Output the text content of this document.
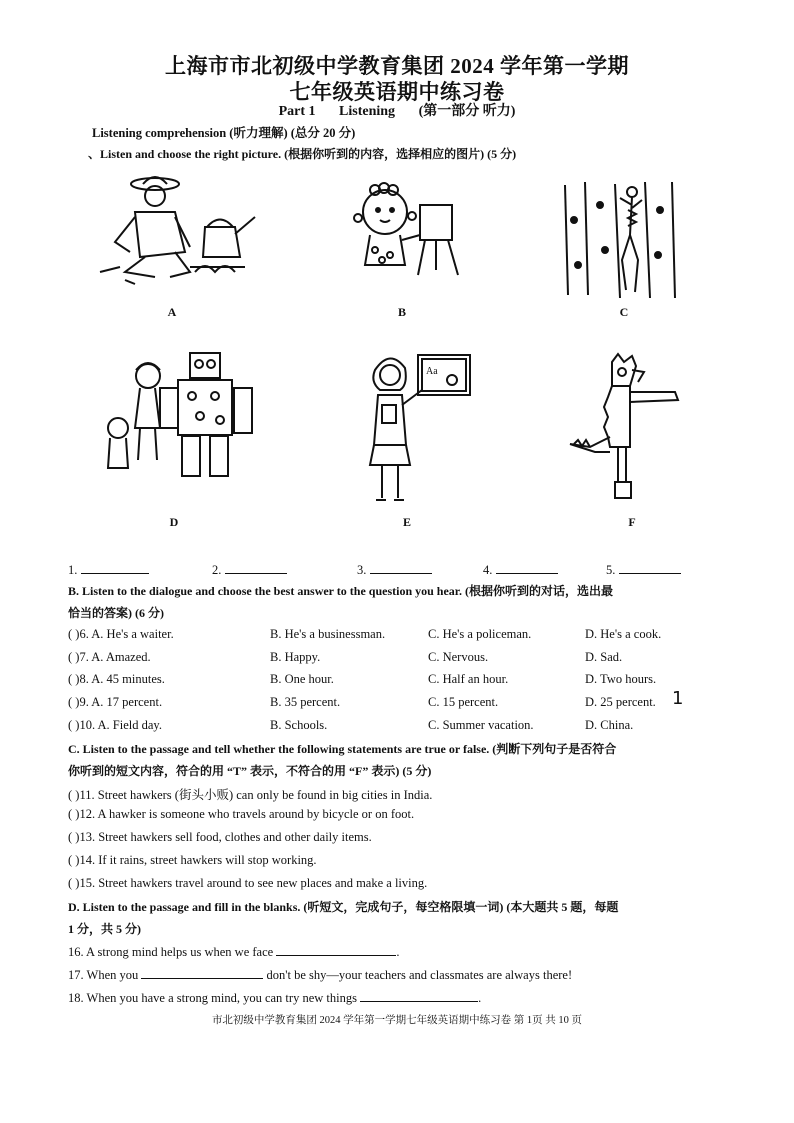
上海市市北初级中学教育集团 2024 学年第一学期
七年级英语期中练习卷
Part 1 Listening (第一部分 听力)
Listening comprehension (听力理解) (总分 20 分)
、Listen and choose the right picture. (根据你听到的内容，选择相应的图片) (5 分)
A	B	C
D
Aa
E	F
1.	2.	3.	4.	5.
B. Listen to the dialogue and choose the best answer to the question you hear. (根据你听到的对话，选出最
恰当的答案) (6 分)
( )6. A. He's a waiter.	B. He's a businessman.	C. He's a policeman.	D. He's a cook.
( )7. A. Amazed.	B. Happy.	C. Nervous.	D. Sad.
( )8. A. 45 minutes.	B. One hour.	C. Half an hour.	D. Two hours.
( )9. A. 17 percent.	B. 35 percent.	C. 15 percent.	D. 25 percent. 1
( )10. A. Field day.	B. Schools.	C. Summer vacation.	D. China.
C. Listen to the passage and tell whether the following statements are true or false. (判断下列句子是否符合
你听到的短文内容，符合的用 “T” 表示，不符合的用 “F” 表示) (5 分)
( )11. Street hawkers (街头小贩) can only be found in big cities in India.
( )12. A hawker is someone who travels around by bicycle or on foot.
( )13. Street hawkers sell food, clothes and other daily items.
( )14. If it rains, street hawkers will stop working.
( )15. Street hawkers travel around to see new places and make a living.
D. Listen to the passage and fill in the blanks. (听短文，完成句子，每空格限填一词) (本大题共 5 题，每题
1 分，共 5 分)
16. A strong mind helps us when we face	.
17. When you	don't be shy—your teachers and classmates are always there!
18. When you have a strong mind, you can try new things	.
市北初级中学教育集团 2024 学年第一学期七年级英语期中练习卷 第 1页 共 10 页
